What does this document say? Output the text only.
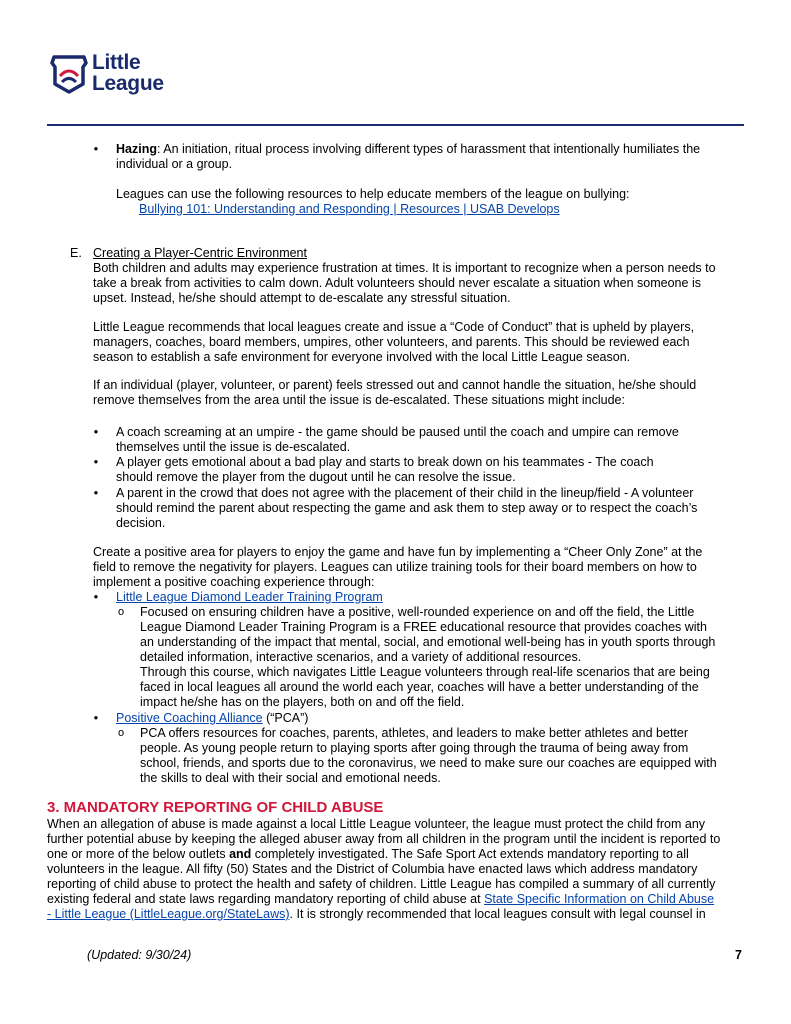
Little
League
• Hazing: An initiation, ritual process involving different types of harassment that intentionally humiliates the
individual or a group.
Leagues can use the following resources to help educate members of the league on bullying:
Bullying 101: Understanding and Responding | Resources | USAB Develops
E. Creating a Player-Centric Environment
Both children and adults may experience frustration at times. It is important to recognize when a person needs to
take a break from activities to calm down. Adult volunteers should never escalate a situation when someone is
upset. Instead, he/she should attempt to de-escalate any stressful situation.
Little League recommends that local leagues create and issue a “Code of Conduct” that is upheld by players,
managers, coaches, board members, umpires, other volunteers, and parents. This should be reviewed each
season to establish a safe environment for everyone involved with the local Little League season.
If an individual (player, volunteer, or parent) feels stressed out and cannot handle the situation, he/she should
remove themselves from the area until the issue is de-escalated. These situations might include:
• A coach screaming at an umpire - the game should be paused until the coach and umpire can remove
themselves until the issue is de-escalated.
• A player gets emotional about a bad play and starts to break down on his teammates - The coach
should remove the player from the dugout until he can resolve the issue.
• A parent in the crowd that does not agree with the placement of their child in the lineup/field - A volunteer
should remind the parent about respecting the game and ask them to step away or to respect the coach’s
decision.
Create a positive area for players to enjoy the game and have fun by implementing a “Cheer Only Zone” at the
field to remove the negativity for players. Leagues can utilize training tools for their board members on how to
implement a positive coaching experience through:
• Little League Diamond Leader Training Program
o Focused on ensuring children have a positive, well-rounded experience on and off the field, the Little
League Diamond Leader Training Program is a FREE educational resource that provides coaches with
an understanding of the impact that mental, social, and emotional well-being has in youth sports through
detailed information, interactive scenarios, and a variety of additional resources.
Through this course, which navigates Little League volunteers through real-life scenarios that are being
faced in local leagues all around the world each year, coaches will have a better understanding of the
impact he/she has on the players, both on and off the field.
• Positive Coaching Alliance (“PCA”)
o PCA offers resources for coaches, parents, athletes, and leaders to make better athletes and better
people. As young people return to playing sports after going through the trauma of being away from
school, friends, and sports due to the coronavirus, we need to make sure our coaches are equipped with
the skills to deal with their social and emotional needs.
3. MANDATORY REPORTING OF CHILD ABUSE
When an allegation of abuse is made against a local Little League volunteer, the league must protect the child from any
further potential abuse by keeping the alleged abuser away from all children in the program until the incident is reported to
one or more of the below outlets and completely investigated. The Safe Sport Act extends mandatory reporting to all
volunteers in the league. All fifty (50) States and the District of Columbia have enacted laws which address mandatory
reporting of child abuse to protect the health and safety of children. Little League has compiled a summary of all currently
existing federal and state laws regarding mandatory reporting of child abuse at State Specific Information on Child Abuse
- Little League (LittleLeague.org/StateLaws). It is strongly recommended that local leagues consult with legal counsel in
(Updated: 9/30/24)	7
